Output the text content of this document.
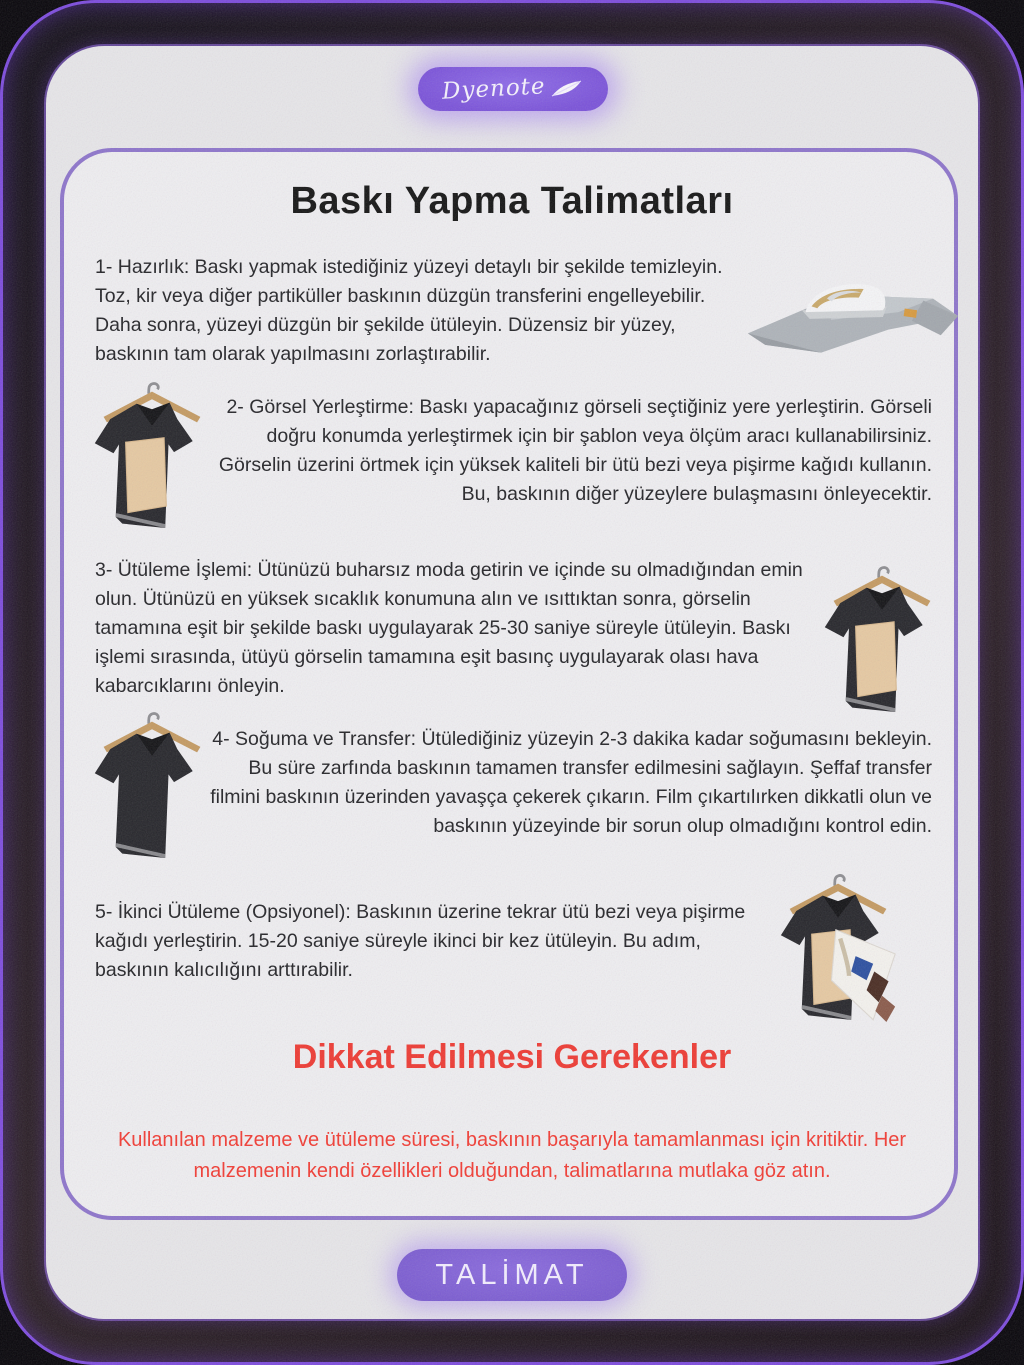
Dyenote
Baskı Yapma Talimatları
1- Hazırlık: Baskı yapmak istediğiniz yüzeyi detaylı bir şekilde temizleyin. Toz, kir veya diğer partiküller baskının düzgün transferini engelleyebilir. Daha sonra, yüzeyi düzgün bir şekilde ütüleyin. Düzensiz bir yüzey, baskının tam olarak yapılmasını zorlaştırabilir.
2- Görsel Yerleştirme: Baskı yapacağınız görseli seçtiğiniz yere yerleştirin. Görseli doğru konumda yerleştirmek için bir şablon veya ölçüm aracı kullanabilirsiniz. Görselin üzerini örtmek için yüksek kaliteli bir ütü bezi veya pişirme kağıdı kullanın. Bu, baskının diğer yüzeylere bulaşmasını önleyecektir.
3- Ütüleme İşlemi: Ütünüzü buharsız moda getirin ve içinde su olmadığından emin olun. Ütünüzü en yüksek sıcaklık konumuna alın ve ısıttıktan sonra, görselin tamamına eşit bir şekilde baskı uygulayarak 25-30 saniye süreyle ütüleyin. Baskı işlemi sırasında, ütüyü görselin tamamına eşit basınç uygulayarak olası hava kabarcıklarını önleyin.
4- Soğuma ve Transfer: Ütülediğiniz yüzeyin 2-3 dakika kadar soğumasını bekleyin. Bu süre zarfında baskının tamamen transfer edilmesini sağlayın. Şeffaf transfer filmini baskının üzerinden yavaşça çekerek çıkarın. Film çıkartılırken dikkatli olun ve baskının yüzeyinde bir sorun olup olmadığını kontrol edin.
5- İkinci Ütüleme (Opsiyonel): Baskının üzerine tekrar ütü bezi veya pişirme kağıdı yerleştirin. 15-20 saniye süreyle ikinci bir kez ütüleyin. Bu adım, baskının kalıcılığını arttırabilir.
Dikkat Edilmesi Gerekenler
Kullanılan malzeme ve ütüleme süresi, baskının başarıyla tamamlanması için kritiktir. Her malzemenin kendi özellikleri olduğundan, talimatlarına mutlaka göz atın.
TALİMAT
